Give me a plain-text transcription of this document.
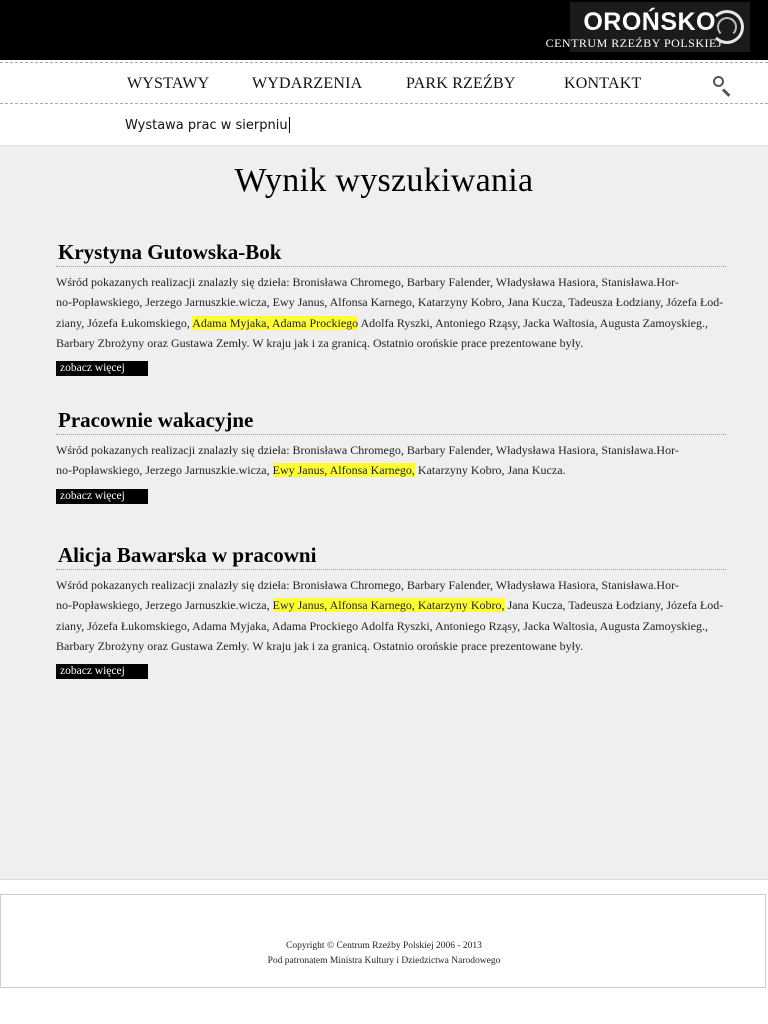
OROŃSKO
CENTRUM RZEŹBY POLSKIEJ
WYSTAWY	WYDARZENIA	PARK RZEŹBY	KONTAKT
Wystawa prac w sierpniu
Wynik wyszukiwania
Krystyna Gutowska-Bok
Wśród pokazanych realizacji znalazły się dzieła: Bronisława Chromego, Barbary Falender, Władysława Hasiora, Stanisława.Hor-
no-Popławskiego, Jerzego Jarnuszkie.wicza, Ewy Janus, Alfonsa Karnego, Katarzyny Kobro, Jana Kucza, Tadeusza Łodziany, Józefa Łod-
ziany, Józefa Łukomskiego, Adama Myjaka, Adama Prockiego Adolfa Ryszki, Antoniego Rząsy, Jacka Waltosia, Augusta Zamoyskieg.,
Barbary Zbrożyny oraz Gustawa Zemły. W kraju jak i za granicą. Ostatnio orońskie prace prezentowane były.
zobacz więcej
Pracownie wakacyjne
Wśród pokazanych realizacji znalazły się dzieła: Bronisława Chromego, Barbary Falender, Władysława Hasiora, Stanisława.Hor-
no-Popławskiego, Jerzego Jarnuszkie.wicza, Ewy Janus, Alfonsa Karnego, Katarzyny Kobro, Jana Kucza.
zobacz więcej
Alicja Bawarska w pracowni
Wśród pokazanych realizacji znalazły się dzieła: Bronisława Chromego, Barbary Falender, Władysława Hasiora, Stanisława.Hor-
no-Popławskiego, Jerzego Jarnuszkie.wicza, Ewy Janus, Alfonsa Karnego, Katarzyny Kobro, Jana Kucza, Tadeusza Łodziany, Józefa Łod-
ziany, Józefa Łukomskiego, Adama Myjaka, Adama Prockiego Adolfa Ryszki, Antoniego Rząsy, Jacka Waltosia, Augusta Zamoyskieg.,
Barbary Zbrożyny oraz Gustawa Zemły. W kraju jak i za granicą. Ostatnio orońskie prace prezentowane były.
zobacz więcej
Copyright © Centrum Rzeźby Polskiej 2006 - 2013
Pod patronatem Ministra Kultury i Dziedzictwa Narodowego
